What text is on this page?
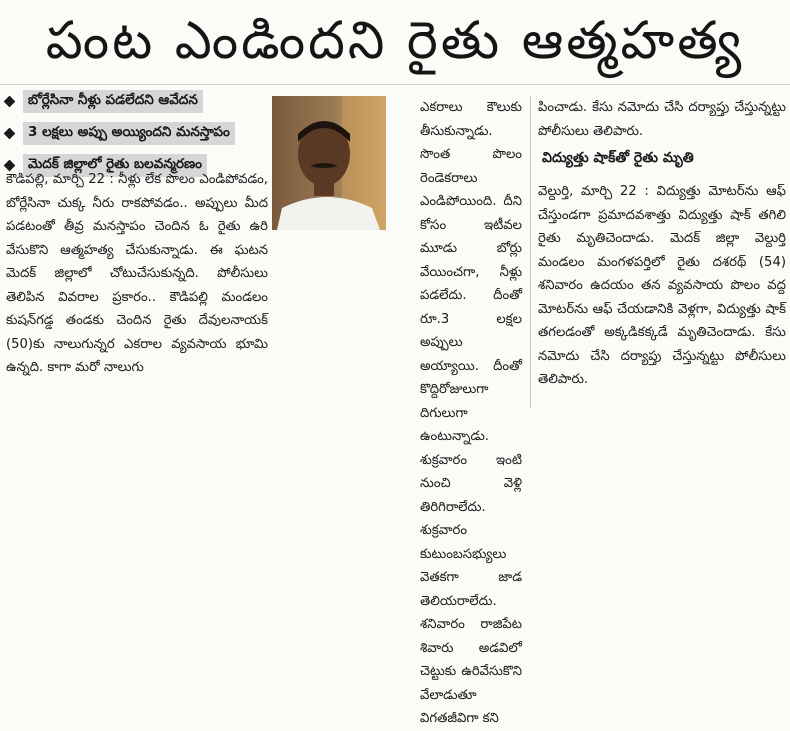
పంట ఎండిందని రైతు ఆత్మహత్య
బోర్లేసినా నీళ్లు పడలేదని ఆవేదన
3 లక్షలు అప్పు అయ్యిందని మనస్తాపం
మెదక్ జిల్లాలో రైతు బలవన్మరణం

కౌడిపల్లి, మార్చి 22 : నీళ్లు లేక పొలం ఎండిపోవడం, బోర్లేసినా చుక్క నీరు రాకపోవడం.. అప్పులు మీద పడటంతో తీవ్ర మనస్తాపం చెందిన ఓ రైతు ఉరి వేసుకొని ఆత్మహత్య చేసుకున్నాడు. ఈ ఘటన మెదక్ జిల్లాలో చోటుచేసుకున్నది. పోలీసులు తెలిపిన వివరాల ప్రకారం.. కౌడిపల్లి మండలం కుషన్‌గడ్డ తండకు చెందిన రైతు దేవులనాయక్ (50)కు నాలుగున్నర ఎకరాల వ్యవసాయ భూమి ఉన్నది. కాగా మరో నాలుగు

ఎకరాలు కౌలుకు తీసుకున్నాడు. సొంత పొలం రెండెకరాలు ఎండిపోయింది. దీని కోసం ఇటీవల మూడు బోర్లు వేయించగా, నీళ్లు పడలేదు. దీంతో రూ.3 లక్షల అప్పులు అయ్యాయి. దీంతో కొద్దిరోజులుగా దిగులుగా ఉంటున్నాడు. శుక్రవారం ఇంటి నుంచి వెళ్లి తిరిగిరాలేదు. శుక్రవారం కుటుంబసభ్యులు వెతకగా జాడ తెలియరాలేదు. శనివారం రాజిపేట శివారు అడవిలో చెట్టుకు ఉరివేసుకొని వేలాడుతూ విగతజీవిగా కని

పించాడు. కేసు నమోదు చేసి దర్యాప్తు చేస్తున్నట్టు పోలీసులు తెలిపారు.

విద్యుత్తు షాక్‌తో రైతు మృతి

వెల్దుర్తి, మార్చి 22 : విద్యుత్తు మోటర్‌ను ఆఫ్ చేస్తుండగా ప్రమాదవశాత్తు విద్యుత్తు షాక్ తగిలి రైతు మృతిచెందాడు. మెదక్ జిల్లా వెల్దుర్తి మండలం మంగళపర్తిలో రైతు దశరథ్ (54) శనివారం ఉదయం తన వ్యవసాయ పొలం వద్ద మోటర్‌ను ఆఫ్ చేయడానికి వెళ్లగా, విద్యుత్తు షాక్ తగలడంతో అక్కడికక్కడే మృతిచెందాడు. కేసు నమోదు చేసి దర్యాప్తు చేస్తున్నట్టు పోలీసులు తెలిపారు.
